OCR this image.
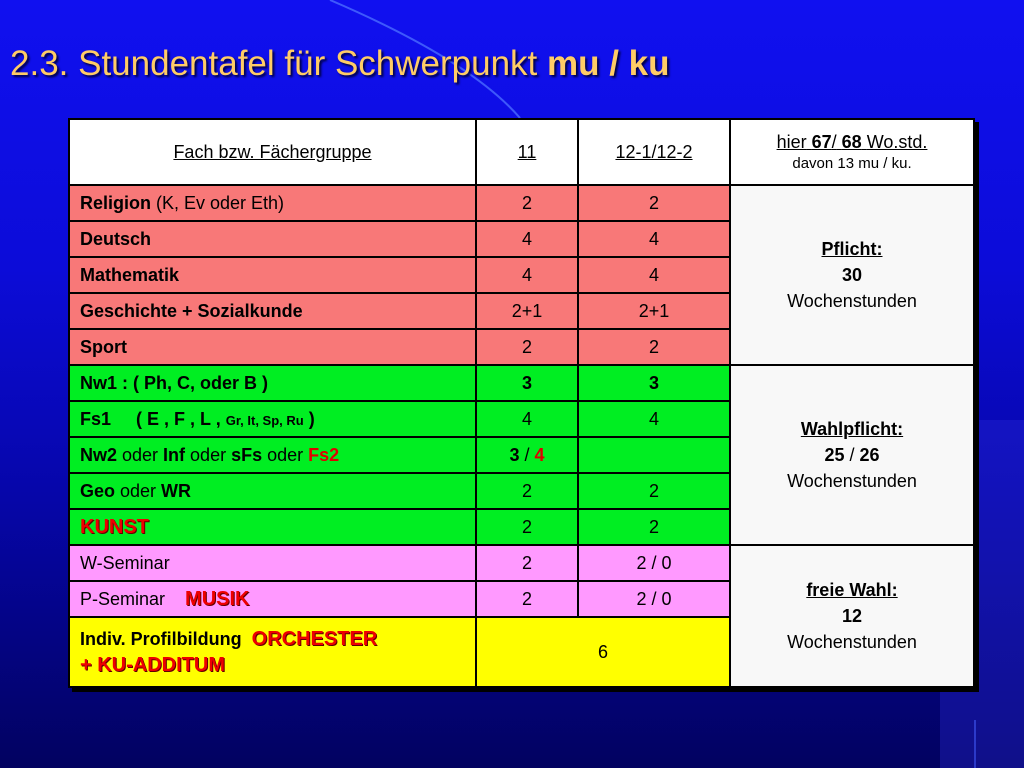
2.3. Stundentafel für Schwerpunkt mu / ku
Fach bzw. Fächergruppe	11	12-1/12-2	hier 67/ 68 Wo.std.
davon 13 mu / ku.

Religion (K, Ev oder Eth)	2	2	Pflicht:
30
Wochenstunden

Deutsch	4	4	
Mathematik	4	4	
Geschichte + Sozialkunde	2+1	2+1	
Sport	2	2	
Nw1 : ( Ph, C, oder B )	3	3	Wahlpflicht:
25 / 26
Wochenstunden

Fs1     ( E , F , L , Gr, It, Sp, Ru )	4	4	
Nw2 oder Inf oder sFs oder Fs2	3 / 4		
Geo oder WR	2	2	
KUNST	2	2	
W-Seminar	2	2 / 0	freie Wahl:
12
Wochenstunden

P-Seminar MUSIK	2	2 / 0	
Indiv. Profilbildung ORCHESTER
+ KU-ADDITUM	6		
